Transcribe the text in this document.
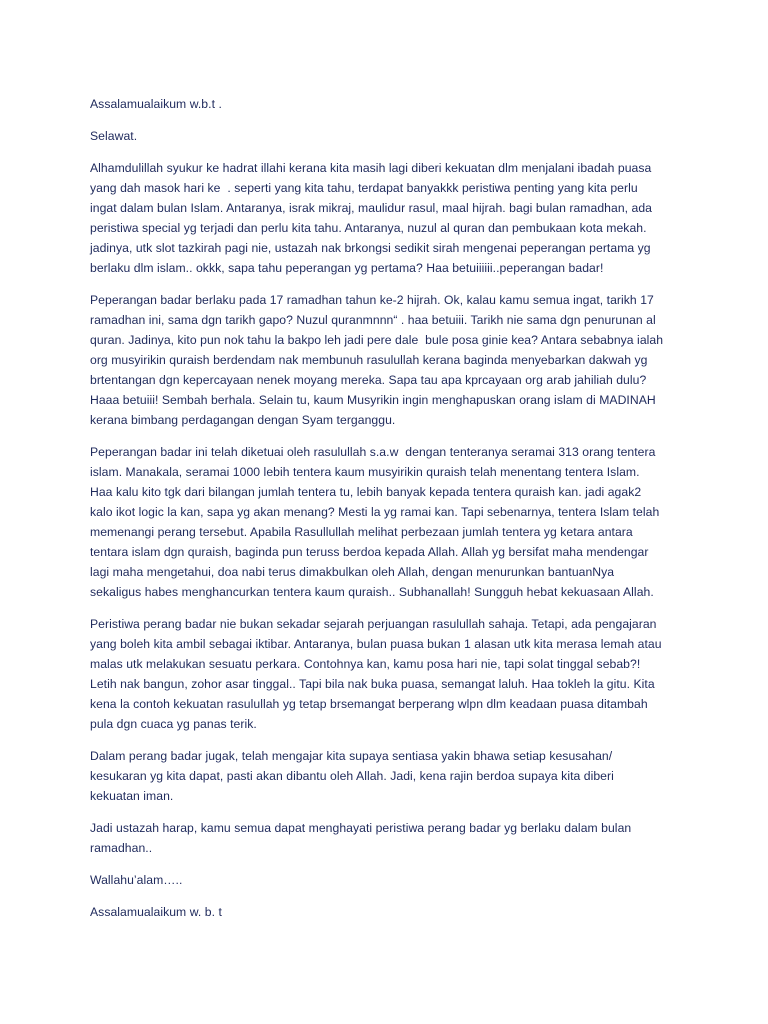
Assalamualaikum w.b.t .
Selawat.
Alhamdulillah syukur ke hadrat illahi kerana kita masih lagi diberi kekuatan dlm menjalani ibadah puasa
yang dah masok hari ke  . seperti yang kita tahu, terdapat banyakkk peristiwa penting yang kita perlu
ingat dalam bulan Islam. Antaranya, israk mikraj, maulidur rasul, maal hijrah. bagi bulan ramadhan, ada
peristiwa special yg terjadi dan perlu kita tahu. Antaranya, nuzul al quran dan pembukaan kota mekah.
jadinya, utk slot tazkirah pagi nie, ustazah nak brkongsi sedikit sirah mengenai peperangan pertama yg
berlaku dlm islam.. okkk, sapa tahu peperangan yg pertama? Haa betuiiiiii..peperangan badar!
Peperangan badar berlaku pada 17 ramadhan tahun ke-2 hijrah. Ok, kalau kamu semua ingat, tarikh 17
ramadhan ini, sama dgn tarikh gapo? Nuzul quranmnnn“ . haa betuiii. Tarikh nie sama dgn penurunan al
quran. Jadinya, kito pun nok tahu la bakpo leh jadi pere dale  bule posa ginie kea? Antara sebabnya ialah
org musyirikin quraish berdendam nak membunuh rasulullah kerana baginda menyebarkan dakwah yg
brtentangan dgn kepercayaan nenek moyang mereka. Sapa tau apa kprcayaan org arab jahiliah dulu?
Haaa betuiii! Sembah berhala. Selain tu, kaum Musyrikin ingin menghapuskan orang islam di MADINAH
kerana bimbang perdagangan dengan Syam terganggu.
Peperangan badar ini telah diketuai oleh rasulullah s.a.w  dengan tenteranya seramai 313 orang tentera
islam. Manakala, seramai 1000 lebih tentera kaum musyirikin quraish telah menentang tentera Islam.
Haa kalu kito tgk dari bilangan jumlah tentera tu, lebih banyak kepada tentera quraish kan. jadi agak2
kalo ikot logic la kan, sapa yg akan menang? Mesti la yg ramai kan. Tapi sebenarnya, tentera Islam telah
memenangi perang tersebut. Apabila Rasullullah melihat perbezaan jumlah tentera yg ketara antara
tentara islam dgn quraish, baginda pun teruss berdoa kepada Allah. Allah yg bersifat maha mendengar
lagi maha mengetahui, doa nabi terus dimakbulkan oleh Allah, dengan menurunkan bantuanNya
sekaligus habes menghancurkan tentera kaum quraish.. Subhanallah! Sungguh hebat kekuasaan Allah.
Peristiwa perang badar nie bukan sekadar sejarah perjuangan rasulullah sahaja. Tetapi, ada pengajaran
yang boleh kita ambil sebagai iktibar. Antaranya, bulan puasa bukan 1 alasan utk kita merasa lemah atau
malas utk melakukan sesuatu perkara. Contohnya kan, kamu posa hari nie, tapi solat tinggal sebab?!
Letih nak bangun, zohor asar tinggal.. Tapi bila nak buka puasa, semangat laluh. Haa tokleh la gitu. Kita
kena la contoh kekuatan rasulullah yg tetap brsemangat berperang wlpn dlm keadaan puasa ditambah
pula dgn cuaca yg panas terik.
Dalam perang badar jugak, telah mengajar kita supaya sentiasa yakin bhawa setiap kesusahan/
kesukaran yg kita dapat, pasti akan dibantu oleh Allah. Jadi, kena rajin berdoa supaya kita diberi
kekuatan iman.
Jadi ustazah harap, kamu semua dapat menghayati peristiwa perang badar yg berlaku dalam bulan
ramadhan..
Wallahu’alam…..
Assalamualaikum w. b. t
